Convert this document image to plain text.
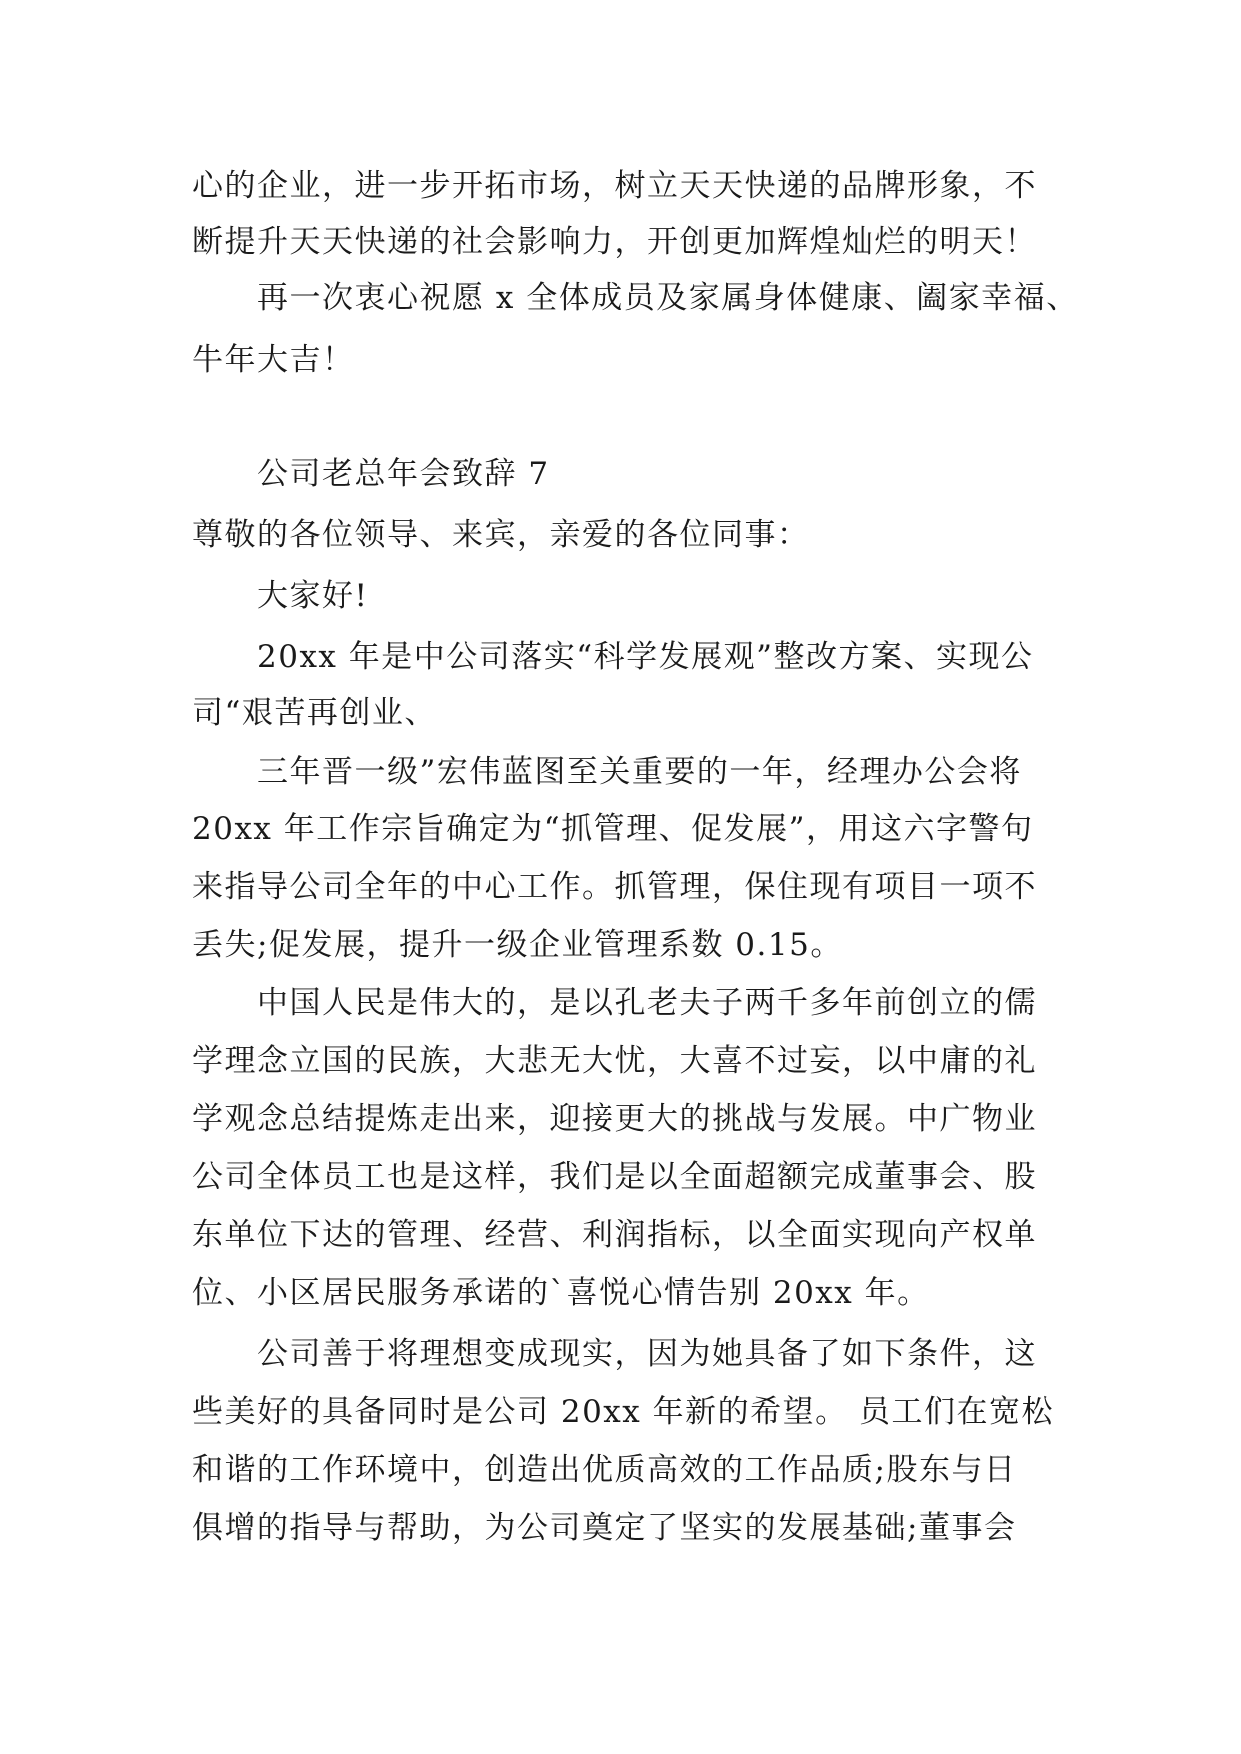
心的企业，进一步开拓市场，树立天天快递的品牌形象，不
断提升天天快递的社会影响力，开创更加辉煌灿烂的明天！
再一次衷心祝愿 x 全体成员及家属身体健康、阖家幸福、
牛年大吉！
公司老总年会致辞 7
尊敬的各位领导、来宾，亲爱的各位同事：
大家好!
20xx 年是中公司落实“科学发展观”整改方案、实现公
司“艰苦再创业、
三年晋一级”宏伟蓝图至关重要的一年，经理办公会将
20xx 年工作宗旨确定为“抓管理、促发展”，用这六字警句
来指导公司全年的中心工作。抓管理，保住现有项目一项不
丢失;促发展，提升一级企业管理系数 0.15。
中国人民是伟大的，是以孔老夫子两千多年前创立的儒
学理念立国的民族，大悲无大忧，大喜不过妄，以中庸的礼
学观念总结提炼走出来，迎接更大的挑战与发展。中广物业
公司全体员工也是这样，我们是以全面超额完成董事会、股
东单位下达的管理、经营、利润指标，以全面实现向产权单
位、小区居民服务承诺的`喜悦心情告别 20xx 年。
公司善于将理想变成现实，因为她具备了如下条件，这
些美好的具备同时是公司 20xx 年新的希望。 员工们在宽松
和谐的工作环境中，创造出优质高效的工作品质;股东与日
俱增的指导与帮助，为公司奠定了坚实的发展基础;董事会
